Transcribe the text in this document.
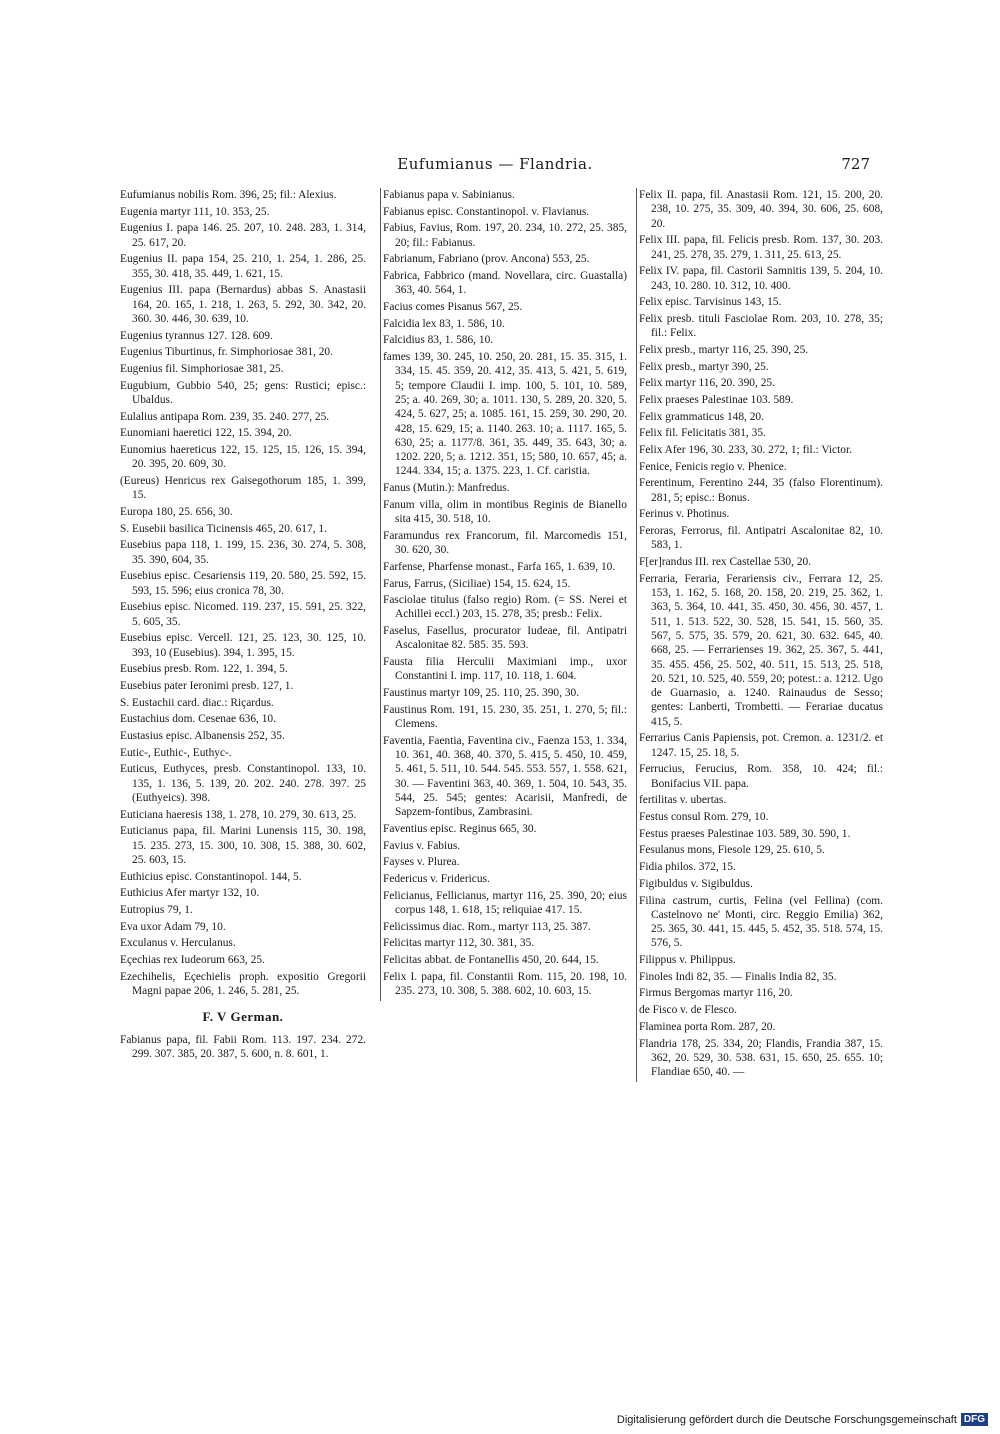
Eufumianus — Flandria.	727
Eufumianus nobilis Rom. 396, 25; fil.: Alexius.
Eugenia martyr 111, 10. 353, 25.
Eugenius I. papa 146. 25. 207, 10. 248. 283, 1. 314, 25. 617, 20.
Eugenius II. papa 154, 25. 210, 1. 254, 1. 286, 25. 355, 30. 418, 35. 449, 1. 621, 15.
Eugenius III. papa (Bernardus) abbas S. Anastasii 164, 20. 165, 1. 218, 1. 263, 5. 292, 30. 342, 20. 360. 30. 446, 30. 639, 10.
Eugenius tyrannus 127. 128. 609.
Eugenius Tiburtinus, fr. Simphoriosae 381, 20.
Eugenius fil. Simphoriosae 381, 25.
Eugubium, Gubbio 540, 25; gens: Rustici; episc.: Ubaldus.
Eulalius antipapa Rom. 239, 35. 240. 277, 25.
Eunomiani haeretici 122, 15. 394, 20.
Eunomius haereticus 122, 15. 125, 15. 126, 15. 394, 20. 395, 20. 609, 30.
(Eureus) Henricus rex Gaisegothorum 185, 1. 399, 15.
Europa 180, 25. 656, 30.
S. Eusebii basilica Ticinensis 465, 20. 617, 1.
Eusebius papa 118, 1. 199, 15. 236, 30. 274, 5. 308, 35. 390, 604, 35.
Eusebius episc. Cesariensis 119, 20. 580, 25. 592, 15. 593, 15. 596; eius cronica 78, 30.
Eusebius episc. Nicomed. 119. 237, 15. 591, 25. 322, 5. 605, 35.
Eusebius episc. Vercell. 121, 25. 123, 30. 125, 10. 393, 10 (Eusebius). 394, 1. 395, 15.
Eusebius presb. Rom. 122, 1. 394, 5.
Eusebius pater Ieronimi presb. 127, 1.
S. Eustachii card. diac.: Riçardus.
Eustachius dom. Cesenae 636, 10.
Eustasius episc. Albanensis 252, 35.
Eutic-, Euthic-, Euthyc-.
Euticus, Euthyces, presb. Constantinopol. 133, 10. 135, 1. 136, 5. 139, 20. 202. 240. 278. 397. 25 (Euthyeics). 398.
Euticiana haeresis 138, 1. 278, 10. 279, 30. 613, 25.
Euticianus papa, fil. Marini Lunensis 115, 30. 198, 15. 235. 273, 15. 300, 10. 308, 15. 388, 30. 602, 25. 603, 15.
Euthicius episc. Constantinopol. 144, 5.
Euthicius Afer martyr 132, 10.
Eutropius 79, 1.
Eva uxor Adam 79, 10.
Exculanus v. Herculanus.
Eçechias rex Iudeorum 663, 25.
Ezechihelis, Eçechielis proph. expositio Gregorii Magni papae 206, 1. 246, 5. 281, 25.
F. V German.
Fabianus papa, fil. Fabii Rom. 113. 197. 234. 272. 299. 307. 385, 20. 387, 5. 600, n. 8. 601, 1.
Fabianus papa v. Sabinianus.
Fabianus episc. Constantinopol. v. Flavianus.
Fabius, Favius, Rom. 197, 20. 234, 10. 272, 25. 385, 20; fil.: Fabianus.
Fabrianum, Fabriano (prov. Ancona) 553, 25.
Fabrica, Fabbrico (mand. Novellara, circ. Guastalla) 363, 40. 564, 1.
Facius comes Pisanus 567, 25.
Falcidia lex 83, 1. 586, 10.
Falcidius 83, 1. 586, 10.
fames 139, 30. 245, 10. 250, 20. 281, 15. 35. 315, 1. 334, 15. 45. 359, 20. 412, 35. 413, 5. 421, 5. 619, 5; tempore Claudii I. imp. 100, 5. 101, 10. 589, 25; a. 40. 269, 30; a. 1011. 130, 5. 289, 20. 320, 5. 424, 5. 627, 25; a. 1085. 161, 15. 259, 30. 290, 20. 428, 15. 629, 15; a. 1140. 263. 10; a. 1117. 165, 5. 630, 25; a. 1177/8. 361, 35. 449, 35. 643, 30; a. 1202. 220, 5; a. 1212. 351, 15; 580, 10. 657, 45; a. 1244. 334, 15; a. 1375. 223, 1. Cf. caristia.
Fanus (Mutin.): Manfredus.
Fanum villa, olim in montibus Reginis de Bianello sita 415, 30. 518, 10.
Faramundus rex Francorum, fil. Marcomedis 151, 30. 620, 30.
Farfense, Pharfense monast., Farfa 165, 1. 639, 10.
Farus, Farrus, (Siciliae) 154, 15. 624, 15.
Fasciolae titulus (falso regio) Rom. (= SS. Nerei et Achillei eccl.) 203, 15. 278, 35; presb.: Felix.
Faselus, Fasellus, procurator Iudeae, fil. Antipatri Ascalonitae 82. 585. 35. 593.
Fausta filia Herculii Maximiani imp., uxor Constantini I. imp. 117, 10. 118, 1. 604.
Faustinus martyr 109, 25. 110, 25. 390, 30.
Faustinus Rom. 191, 15. 230, 35. 251, 1. 270, 5; fil.: Clemens.
Faventia, Faentia, Faventina civ., Faenza 153, 1. 334, 10. 361, 40. 368, 40. 370, 5. 415, 5. 450, 10. 459, 5. 461, 5. 511, 10. 544. 545. 553. 557, 1. 558. 621, 30. — Faventini 363, 40. 369, 1. 504, 10. 543, 35. 544, 25. 545; gentes: Acarisii, Manfredi, de Sapzem-fontibus, Zambrasini.
Faventius episc. Reginus 665, 30.
Favius v. Fabius.
Fayses v. Plurea.
Federicus v. Fridericus.
Felicianus, Fellicianus, martyr 116, 25. 390, 20; eius corpus 148, 1. 618, 15; reliquiae 417. 15.
Felicissimus diac. Rom., martyr 113, 25. 387.
Felicitas martyr 112, 30. 381, 35.
Felicitas abbat. de Fontanellis 450, 20. 644, 15.
Felix I. papa, fil. Constantii Rom. 115, 20. 198, 10. 235. 273, 10. 308, 5. 388. 602, 10. 603, 15.
Felix II. papa, fil. Anastasii Rom. 121, 15. 200, 20. 238, 10. 275, 35. 309, 40. 394, 30. 606, 25. 608, 20.
Felix III. papa, fil. Felicis presb. Rom. 137, 30. 203. 241, 25. 278, 35. 279, 1. 311, 25. 613, 25.
Felix IV. papa, fil. Castorii Samnitis 139, 5. 204, 10. 243, 10. 280. 10. 312, 10. 400.
Felix episc. Tarvisinus 143, 15.
Felix presb. tituli Fasciolae Rom. 203, 10. 278, 35; fil.: Felix.
Felix presb., martyr 116, 25. 390, 25.
Felix presb., martyr 390, 25.
Felix martyr 116, 20. 390, 25.
Felix praeses Palestinae 103. 589.
Felix grammaticus 148, 20.
Felix fil. Felicitatis 381, 35.
Felix Afer 196, 30. 233, 30. 272, 1; fil.: Victor.
Fenice, Fenicis regio v. Phenice.
Ferentinum, Ferentino 244, 35 (falso Florentinum). 281, 5; episc.: Bonus.
Ferinus v. Photinus.
Feroras, Ferrorus, fil. Antipatri Ascalonitae 82, 10. 583, 1.
F[er]randus III. rex Castellae 530, 20.
Ferraria, Feraria, Ferariensis civ., Ferrara 12, 25. 153, 1. 162, 5. 168, 20. 158, 20. 219, 25. 362, 1. 363, 5. 364, 10. 441, 35. 450, 30. 456, 30. 457, 1. 511, 1. 513. 522, 30. 528, 15. 541, 15. 560, 35. 567, 5. 575, 35. 579, 20. 621, 30. 632. 645, 40. 668, 25. — Ferrarienses 19. 362, 25. 367, 5. 441, 35. 455. 456, 25. 502, 40. 511, 15. 513, 25. 518, 20. 521, 10. 525, 40. 559, 20; potest.: a. 1212. Ugo de Guarnasio, a. 1240. Rainaudus de Sesso; gentes: Lanberti, Trombetti. — Ferariae ducatus 415, 5.
Ferrarius Canis Papiensis, pot. Cremon. a. 1231/2. et 1247. 15, 25. 18, 5.
Ferrucius, Ferucius, Rom. 358, 10. 424; fil.: Bonifacius VII. papa.
fertilitas v. ubertas.
Festus consul Rom. 279, 10.
Festus praeses Palestinae 103. 589, 30. 590, 1.
Fesulanus mons, Fiesole 129, 25. 610, 5.
Fidia philos. 372, 15.
Figibuldus v. Sigibuldus.
Filina castrum, curtis, Felina (vel Fellina) (com. Castelnovo ne' Monti, circ. Reggio Emilia) 362, 25. 365, 30. 441, 15. 445, 5. 452, 35. 518. 574, 15. 576, 5.
Filippus v. Philippus.
Finoles Indi 82, 35. — Finalis India 82, 35.
Firmus Bergomas martyr 116, 20.
de Fisco v. de Flesco.
Flaminea porta Rom. 287, 20.
Flandria 178, 25. 334, 20; Flandis, Frandia 387, 15. 362, 20. 529, 30. 538. 631, 15. 650, 25. 655. 10; Flandiae 650, 40. —
Digitalisierung gefördert durch die Deutsche Forschungsgemeinschaft DFG
